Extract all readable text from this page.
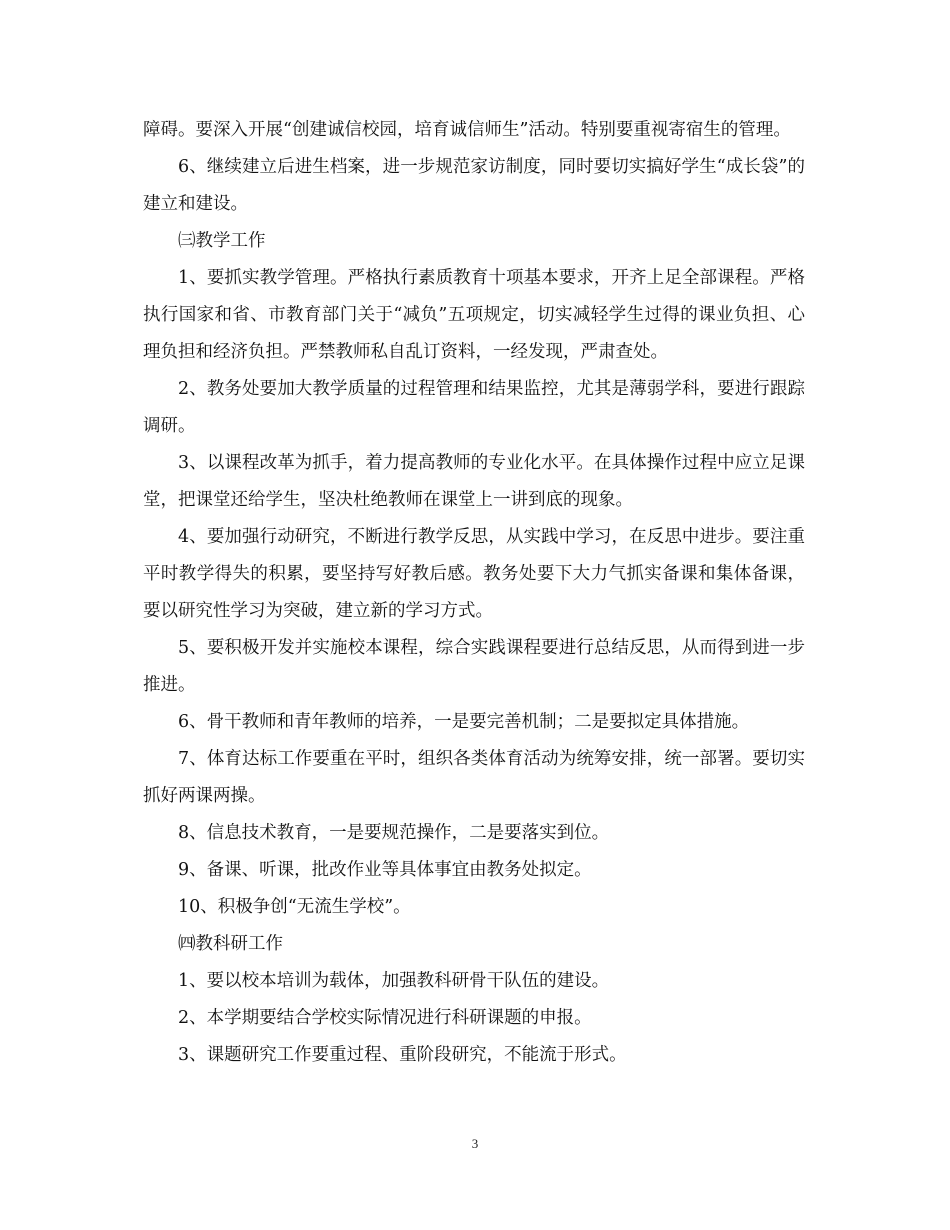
障碍。要深入开展“创建诚信校园，培育诚信师生”活动。特别要重视寄宿生的管理。

6、继续建立后进生档案，进一步规范家访制度，同时要切实搞好学生“成长袋”的建立和建设。

㈢教学工作

1、要抓实教学管理。严格执行素质教育十项基本要求，开齐上足全部课程。严格执行国家和省、市教育部门关于“减负”五项规定，切实减轻学生过得的课业负担、心理负担和经济负担。严禁教师私自乱订资料，一经发现，严肃查处。

2、教务处要加大教学质量的过程管理和结果监控，尤其是薄弱学科，要进行跟踪调研。

3、以课程改革为抓手，着力提高教师的专业化水平。在具体操作过程中应立足课堂，把课堂还给学生，坚决杜绝教师在课堂上一讲到底的现象。

4、要加强行动研究，不断进行教学反思，从实践中学习，在反思中进步。要注重平时教学得失的积累，要坚持写好教后感。教务处要下大力气抓实备课和集体备课，要以研究性学习为突破，建立新的学习方式。

5、要积极开发并实施校本课程，综合实践课程要进行总结反思，从而得到进一步推进。

6、骨干教师和青年教师的培养，一是要完善机制；二是要拟定具体措施。

7、体育达标工作要重在平时，组织各类体育活动为统筹安排，统一部署。要切实抓好两课两操。

8、信息技术教育，一是要规范操作，二是要落实到位。

9、备课、听课，批改作业等具体事宜由教务处拟定。

10、积极争创“无流生学校”。

㈣教科研工作

1、要以校本培训为载体，加强教科研骨干队伍的建设。

2、本学期要结合学校实际情况进行科研课题的申报。

3、课题研究工作要重过程、重阶段研究，不能流于形式。

3
